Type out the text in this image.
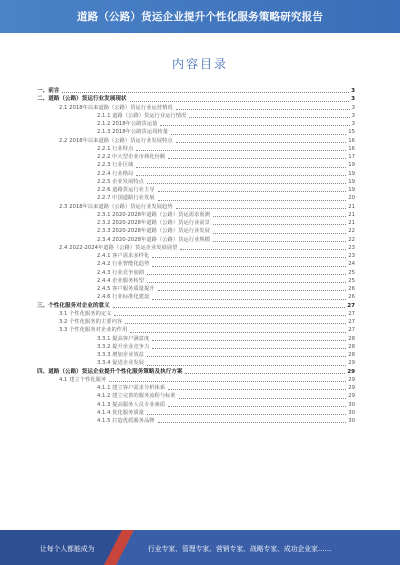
道路（公路）货运企业提升个性化服务策略研究报告
内容目录
一、前言	3
二、道路（公路）货运行业发展现状	3
2.1 2018年以来道路（公路）货运行业运营情况	3
2.1.1 道路（公路）货运行业运行情况	3
2.1.2 2018年公路货运量	3
2.1.3 2018年公路货运周转量	15
2.2 2018年以来道路（公路）货运行业发展特点	16
2.2.1 行业特点	16
2.2.2 中大型企业市场化份额	17
2.2.3 行业区域	19
2.2.4 行业格局	19
2.2.5 企业发展特点	19
2.2.6 道路货运行业主导	19
2.2.7 中国道路行业发展	20
2.3 2018年以来道路（公路）货运行业发展趋势	21
2.3.1 2020-2028年道路（公路）货运需求预测	21
2.3.2 2020-2028年道路（公路）货运行业前景	21
2.3.3 2020-2028年道路（公路）货运行业发展	22
2.3.4 2020-2028年道路（公路）货运行业规模	22
2.4 2022-2024年道路（公路）货运企业发展展望	23
2.4.1 客户需求多样化	23
2.4.2 行业智能化趋势	24
2.4.3 行业竞争加剧	25
2.4.4 企业服务转型	25
2.4.5 客户服务质量提升	26
2.4.6 行业标准化建设	26
三、个性化服务对企业的意义	27
3.1 个性化服务的定义	27
3.2 个性化服务的主要内容	27
3.3 个性化服务对企业的作用	27
3.3.1 提高客户满意度	28
3.3.2 提升企业竞争力	28
3.3.3 增加企业效益	28
3.3.4 促进企业发展	29
四、道路（公路）货运企业提升个性化服务策略及执行方案	29
4.1 建立个性化服务	29
4.1.1 建立客户需求分析体系	29
4.1.2 建立完善的服务流程与标准	29
4.1.3 提高服务人员专业素质	30
4.1.4 优化服务质量	30
4.1.5 打造优质服务品牌	30
让每个人都能成为	行业专家、管理专家、营销专家、战略专家、成功企业家……
